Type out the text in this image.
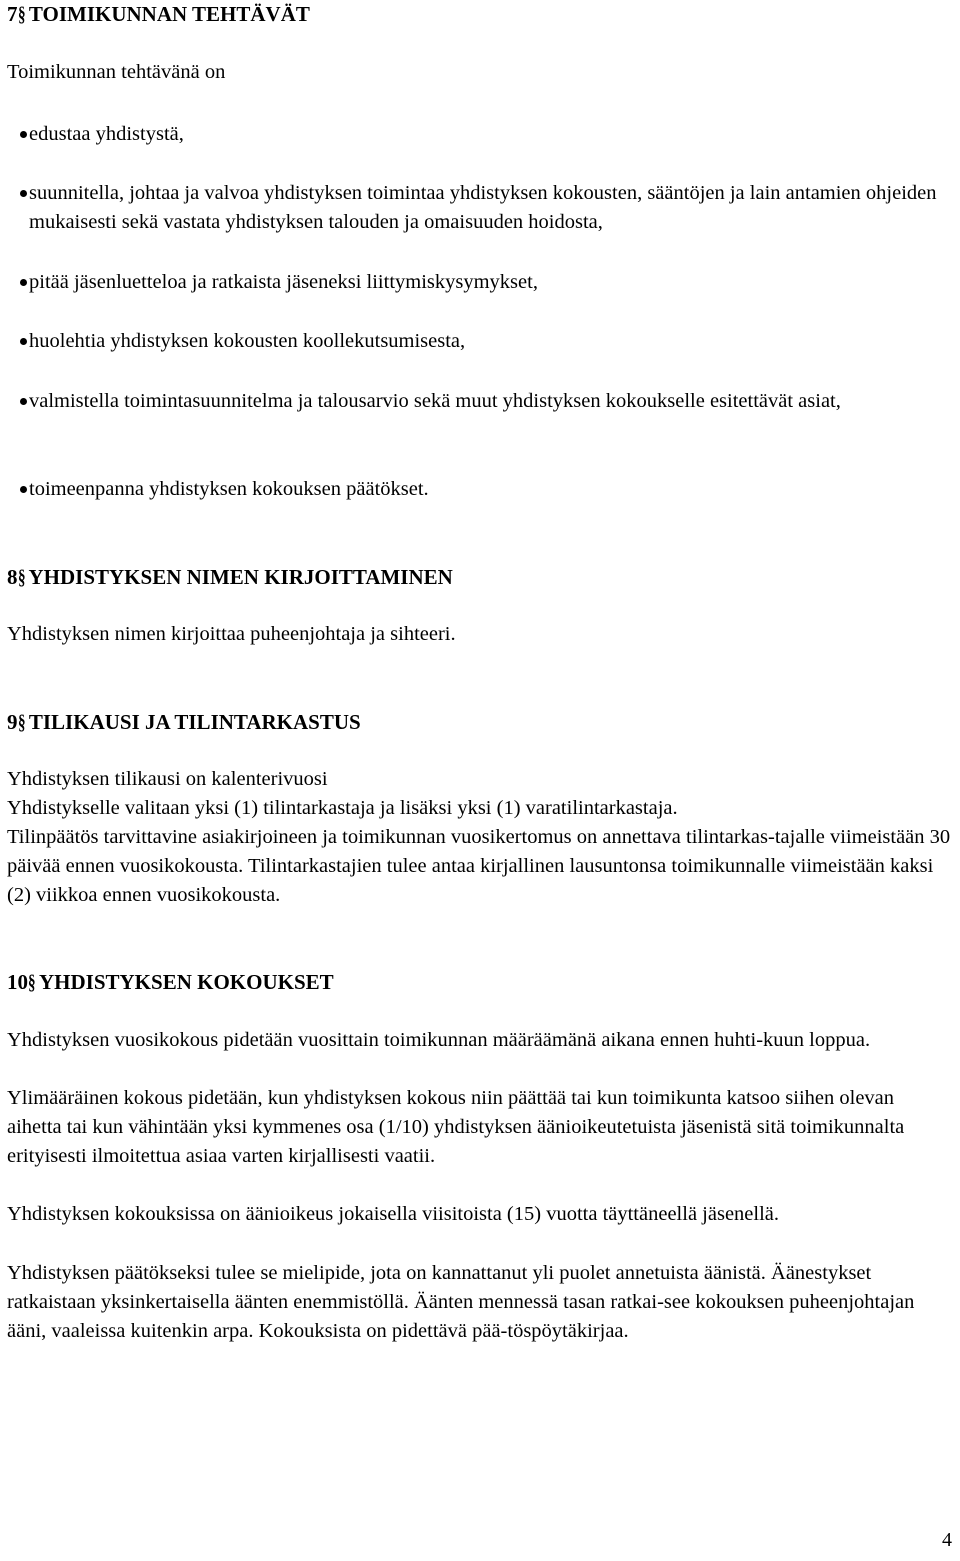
7§ TOIMIKUNNAN TEHTÄVÄT

Toimikunnan tehtävänä on

edustaa yhdistystä,
suunnitella, johtaa ja valvoa yhdistyksen toimintaa yhdistyksen kokousten, sääntöjen ja lain antamien ohjeiden mukaisesti sekä vastata yhdistyksen talouden ja omaisuuden hoidosta,
pitää jäsenluetteloa ja ratkaista jäseneksi liittymiskysymykset,
huolehtia yhdistyksen kokousten koollekutsumisesta,
valmistella toimintasuunnitelma ja talousarvio sekä muut yhdistyksen kokoukselle esitettävät asiat,
toimeenpanna yhdistyksen kokouksen päätökset.
8§ YHDISTYKSEN NIMEN KIRJOITTAMINEN

Yhdistyksen nimen kirjoittaa puheenjohtaja ja sihteeri.

9§ TILIKAUSI JA TILINTARKASTUS

Yhdistyksen tilikausi on kalenterivuosi

Yhdistykselle valitaan yksi (1) tilintarkastaja ja lisäksi yksi (1) varatilintarkastaja.

Tilinpäätös tarvittavine asiakirjoineen ja toimikunnan vuosikertomus on annettava tilintarkas-tajalle viimeistään 30 päivää ennen vuosikokousta. Tilintarkastajien tulee antaa kirjallinen lausuntonsa toimikunnalle viimeistään kaksi (2) viikkoa ennen vuosikokousta.

10§ YHDISTYKSEN KOKOUKSET

Yhdistyksen vuosikokous pidetään vuosittain toimikunnan määräämänä aikana ennen huhti-kuun loppua.

Ylimääräinen kokous pidetään, kun yhdistyksen kokous niin päättää tai kun toimikunta katsoo siihen olevan aihetta tai kun vähintään yksi kymmenes osa (1/10) yhdistyksen äänioikeutetuista jäsenistä sitä toimikunnalta erityisesti ilmoitettua asiaa varten kirjallisesti vaatii.

Yhdistyksen kokouksissa on äänioikeus jokaisella viisitoista (15) vuotta täyttäneellä jäsenellä.

Yhdistyksen päätökseksi tulee se mielipide, jota on kannattanut yli puolet annetuista äänistä. Äänestykset ratkaistaan yksinkertaisella äänten enemmistöllä. Äänten mennessä tasan ratkai-see kokouksen puheenjohtajan ääni, vaaleissa kuitenkin arpa. Kokouksista on pidettävä pää-töspöytäkirjaa.

4
